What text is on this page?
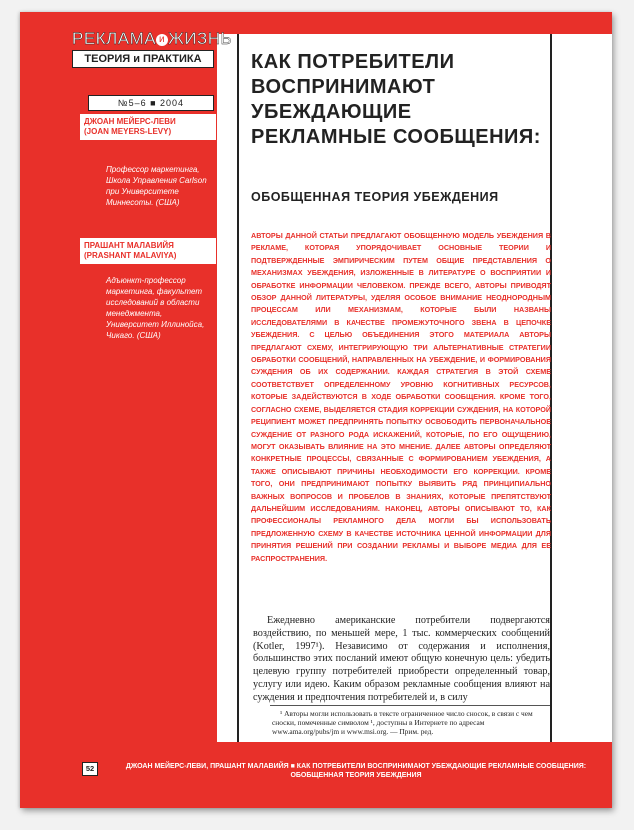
РЕКЛАМА и ЖИЗНЬ
ТЕОРИЯ и ПРАКТИКА
№5–6 ■ 2004
ДЖОАН МЕЙЕРС-ЛЕВИ
(JOAN MEYERS-LEVY)
Профессор маркетинга, Школа Управления Carlson при Университете Миннесоты. (США)
ПРАШАНТ МАЛАВИЙЯ
(PRASHANT MALAVIYA)
Адъюнкт-профессор маркетинга, факультет исследований в области менеджмента, Университет Иллинойса, Чикаго. (США)
КАК ПОТРЕБИТЕЛИ ВОСПРИНИМАЮТ УБЕЖДАЮЩИЕ РЕКЛАМНЫЕ СООБЩЕНИЯ:
ОБОБЩЕННАЯ ТЕОРИЯ УБЕЖДЕНИЯ
АВТОРЫ ДАННОЙ СТАТЬИ ПРЕДЛАГАЮТ ОБОБЩЕННУЮ МОДЕЛЬ УБЕЖДЕНИЯ В РЕКЛАМЕ, КОТОРАЯ УПОРЯДОЧИВАЕТ ОСНОВНЫЕ ТЕОРИИ И ПОДТВЕРЖДЕННЫЕ ЭМПИРИЧЕСКИМ ПУТЕМ ОБЩИЕ ПРЕДСТАВЛЕНИЯ О МЕХАНИЗМАХ УБЕЖДЕНИЯ, ИЗЛОЖЕННЫЕ В ЛИТЕРАТУРЕ О ВОСПРИЯТИИ И ОБРАБОТКЕ ИНФОРМАЦИИ ЧЕЛОВЕКОМ. ПРЕЖДЕ ВСЕГО, АВТОРЫ ПРИВОДЯТ ОБЗОР ДАННОЙ ЛИТЕРАТУРЫ, УДЕЛЯЯ ОСОБОЕ ВНИМАНИЕ НЕОДНОРОДНЫМ ПРОЦЕССАМ ИЛИ МЕХАНИЗМАМ, КОТОРЫЕ БЫЛИ НАЗВАНЫ ИССЛЕДОВАТЕЛЯМИ В КАЧЕСТВЕ ПРОМЕЖУТОЧНОГО ЗВЕНА В ЦЕПОЧКЕ УБЕЖДЕНИЯ. С ЦЕЛЬЮ ОБЪЕДИНЕНИЯ ЭТОГО МАТЕРИАЛА АВТОРЫ ПРЕДЛАГАЮТ СХЕМУ, ИНТЕГРИРУЮЩУЮ ТРИ АЛЬТЕРНАТИВНЫЕ СТРАТЕГИИ ОБРАБОТКИ СООБЩЕНИЙ, НАПРАВЛЕННЫХ НА УБЕЖДЕНИЕ, И ФОРМИРОВАНИЯ СУЖДЕНИЯ ОБ ИХ СОДЕРЖАНИИ. КАЖДАЯ СТРАТЕГИЯ В ЭТОЙ СХЕМЕ СООТВЕТСТВУЕТ ОПРЕДЕЛЕННОМУ УРОВНЮ КОГНИТИВНЫХ РЕСУРСОВ, КОТОРЫЕ ЗАДЕЙСТВУЮТСЯ В ХОДЕ ОБРАБОТКИ СООБЩЕНИЯ. КРОМЕ ТОГО, СОГЛАСНО СХЕМЕ, ВЫДЕЛЯЕТСЯ СТАДИЯ КОРРЕКЦИИ СУЖДЕНИЯ, НА КОТОРОЙ РЕЦИПИЕНТ МОЖЕТ ПРЕДПРИНЯТЬ ПОПЫТКУ ОСВОБОДИТЬ ПЕРВОНАЧАЛЬНОЕ СУЖДЕНИЕ ОТ РАЗНОГО РОДА ИСКАЖЕНИЙ, КОТОРЫЕ, ПО ЕГО ОЩУЩЕНИЮ, МОГУТ ОКАЗЫВАТЬ ВЛИЯНИЕ НА ЭТО МНЕНИЕ. ДАЛЕЕ АВТОРЫ ОПРЕДЕЛЯЮТ КОНКРЕТНЫЕ ПРОЦЕССЫ, СВЯЗАННЫЕ С ФОРМИРОВАНИЕМ УБЕЖДЕНИЯ, А ТАКЖЕ ОПИСЫВАЮТ ПРИЧИНЫ НЕОБХОДИМОСТИ ЕГО КОРРЕКЦИИ. КРОМЕ ТОГО, ОНИ ПРЕДПРИНИМАЮТ ПОПЫТКУ ВЫЯВИТЬ РЯД ПРИНЦИПИАЛЬНО ВАЖНЫХ ВОПРОСОВ И ПРОБЕЛОВ В ЗНАНИЯХ, КОТОРЫЕ ПРЕПЯТСТВУЮТ ДАЛЬНЕЙШИМ ИССЛЕДОВАНИЯМ. НАКОНЕЦ, АВТОРЫ ОПИСЫВАЮТ ТО, КАК ПРОФЕССИОНАЛЫ РЕКЛАМНОГО ДЕЛА МОГЛИ БЫ ИСПОЛЬЗОВАТЬ ПРЕДЛОЖЕННУЮ СХЕМУ В КАЧЕСТВЕ ИСТОЧНИКА ЦЕННОЙ ИНФОРМАЦИИ ДЛЯ ПРИНЯТИЯ РЕШЕНИЙ ПРИ СОЗДАНИИ РЕКЛАМЫ И ВЫБОРЕ МЕДИА ДЛЯ ЕЕ РАСПРОСТРАНЕНИЯ.
Ежедневно американские потребители подвергаются воздействию, по меньшей мере, 1 тыс. коммерческих сообщений (Kotler, 1997¹). Независимо от содержания и исполнения, большинство этих посланий имеют общую конечную цель: убедить целевую группу потребителей приобрести определенный товар, услугу или идею. Каким образом рекламные сообщения влияют на суждения и предпочтения потребителей и, в силу
¹ Авторы могли использовать в тексте ограниченное число сносок, в связи с чем сноски, помеченные символом ¹, доступны в Интернете по адресам www.ama.org/pubs/jm и www.msi.org. — Прим. ред.
52	ДЖОАН МЕЙЕРС-ЛЕВИ, ПРАШАНТ МАЛАВИЙЯ ■ КАК ПОТРЕБИТЕЛИ ВОСПРИНИМАЮТ УБЕЖДАЮЩИЕ РЕКЛАМНЫЕ СООБЩЕНИЯ: ОБОБЩЕННАЯ ТЕОРИЯ УБЕЖДЕНИЯ
